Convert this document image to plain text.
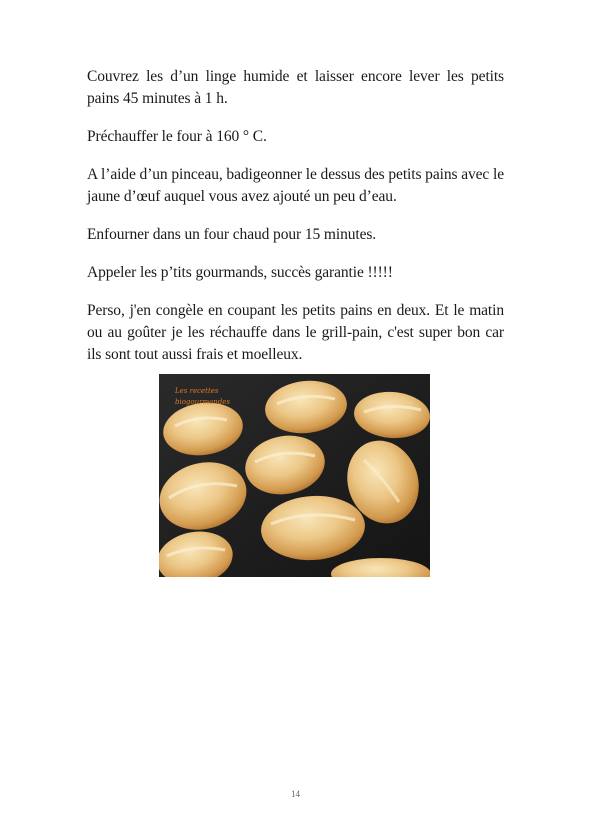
Couvrez les d’un linge humide et laisser encore lever les petits pains 45 minutes à 1 h.

Préchauffer le four à 160 ° C.

A l’aide d’un pinceau, badigeonner le dessus des petits pains avec le jaune d’œuf auquel vous avez ajouté un peu d’eau.

Enfourner dans un four chaud pour 15 minutes.

Appeler les p’tits gourmands, succès garantie !!!!!

Perso, j'en congèle en coupant les petits pains en deux. Et le matin ou au goûter je les réchauffe dans le grill-pain, c'est super bon car ils sont tout aussi frais et moelleux.

Les recettes
biogourmandes
14
